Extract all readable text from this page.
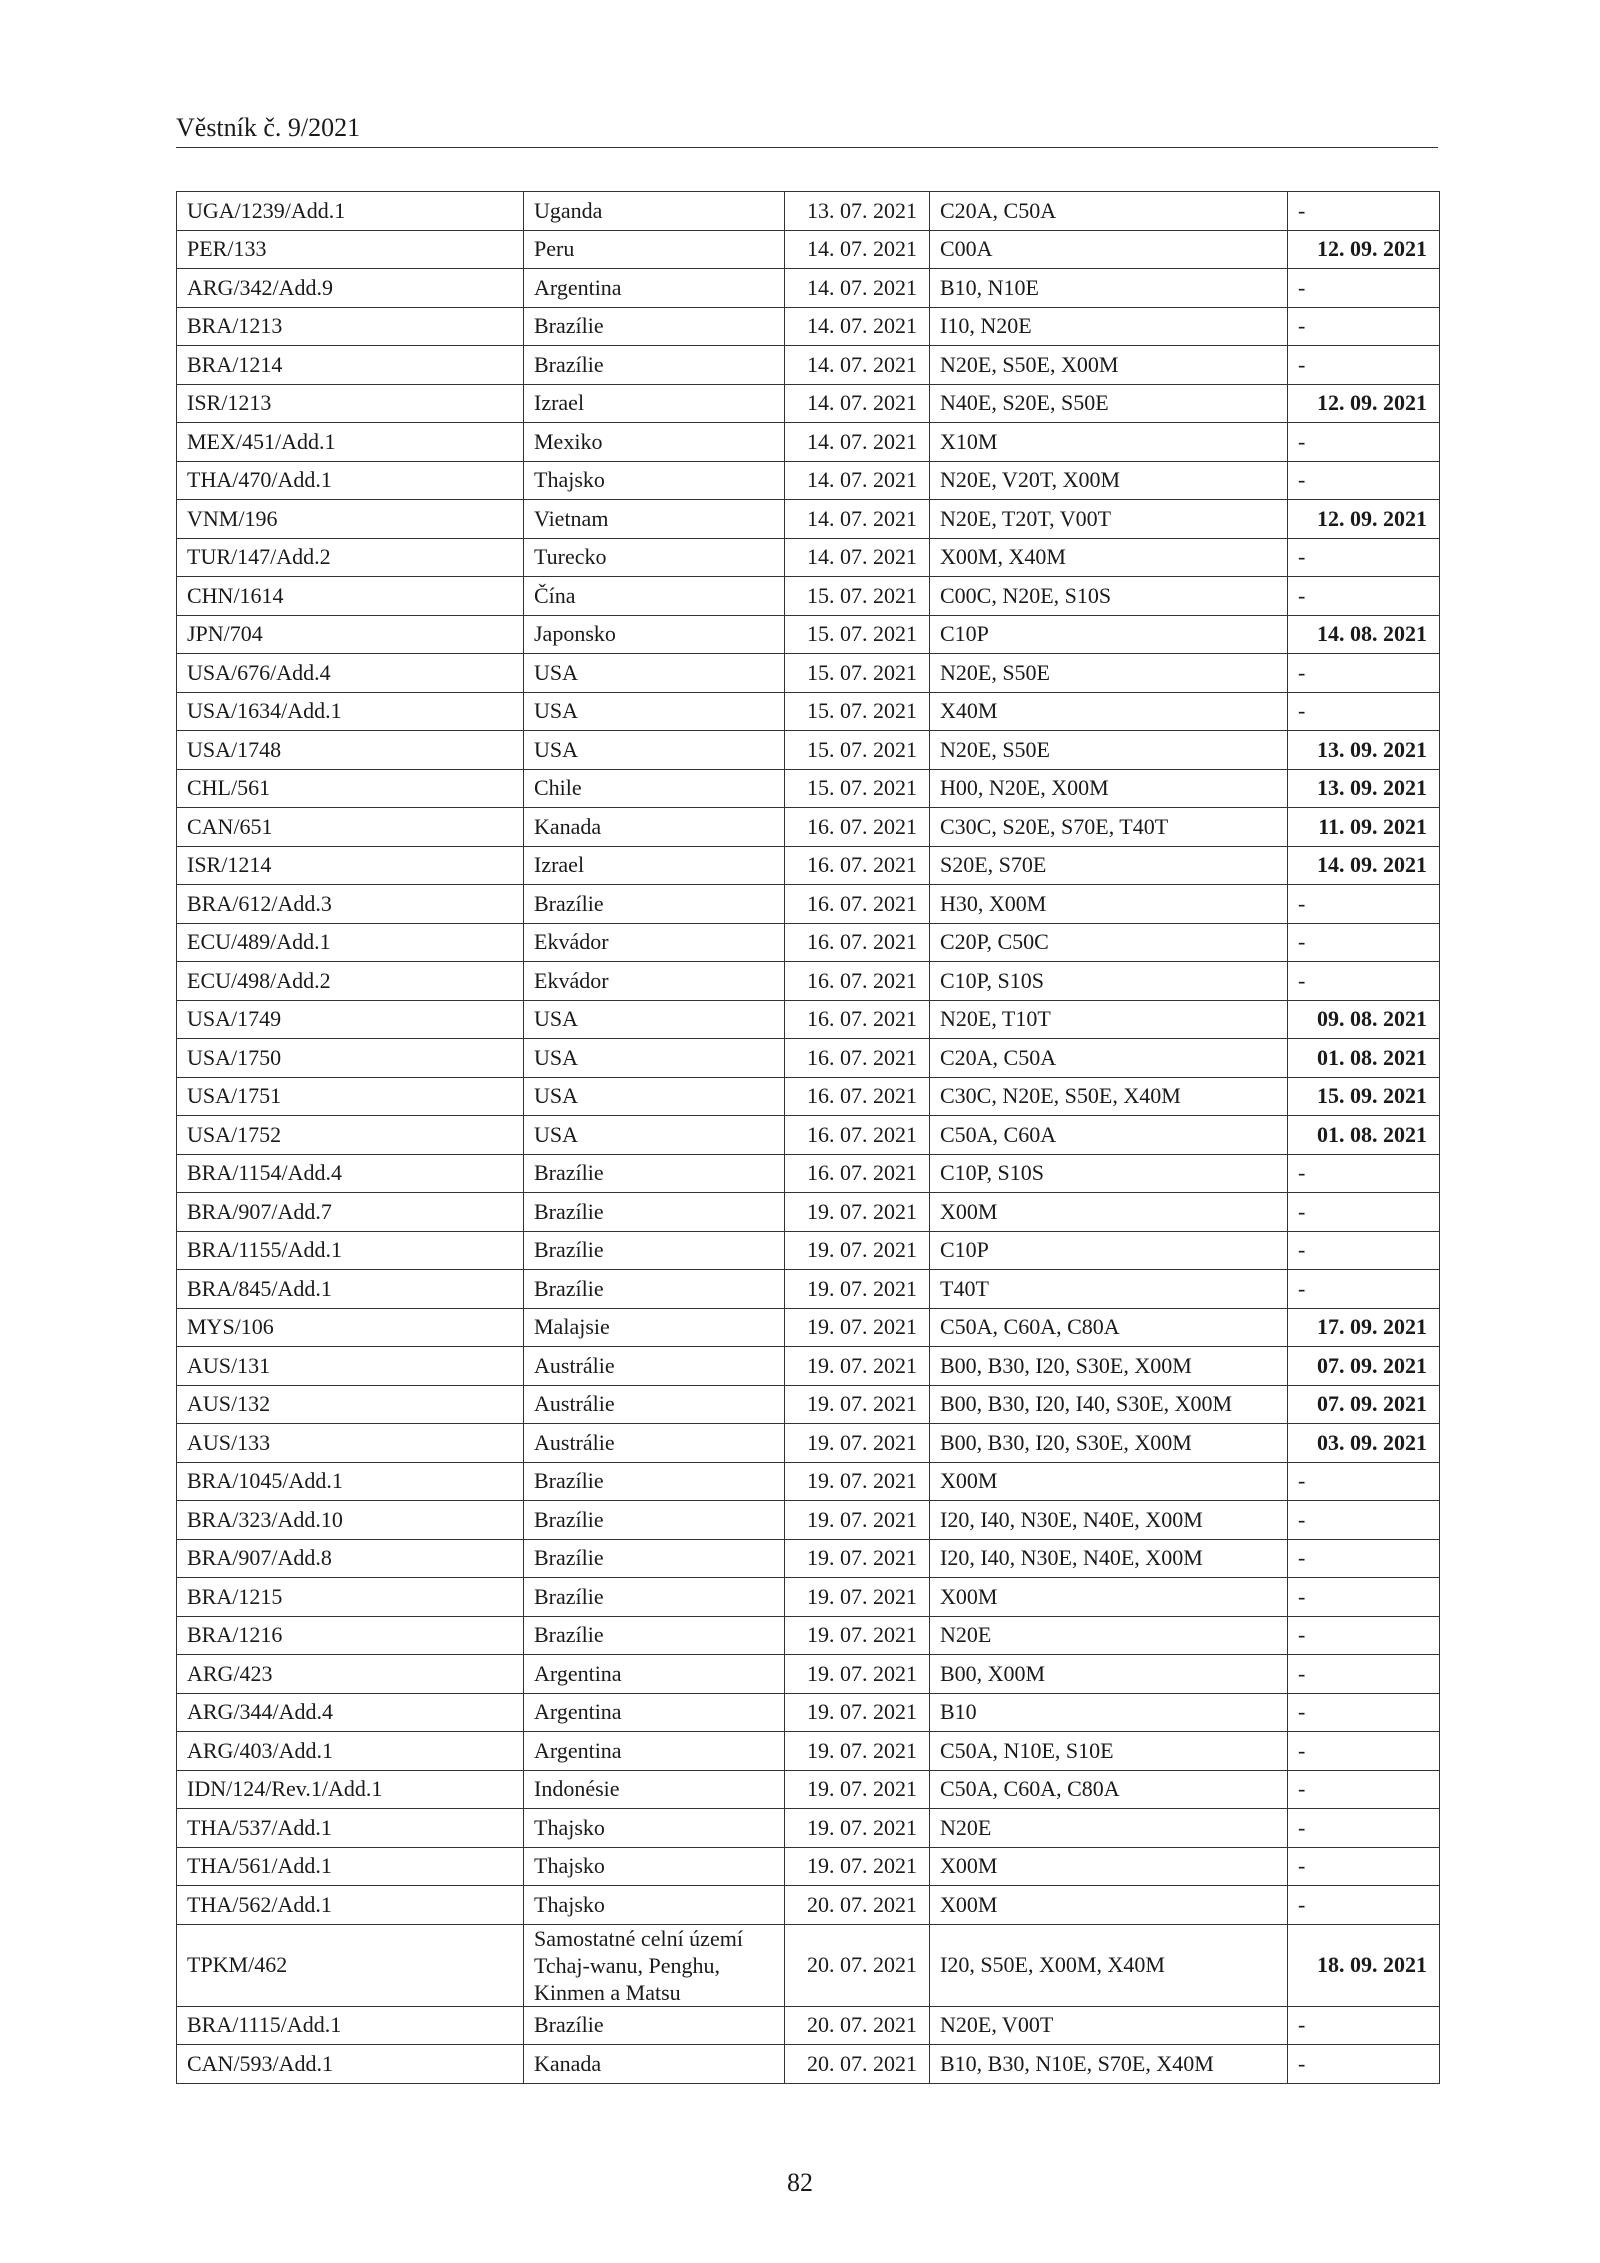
Věstník č. 9/2021
UGA/1239/Add.1	Uganda	13. 07. 2021	C20A, C50A	-
PER/133	Peru	14. 07. 2021	C00A	12. 09. 2021
ARG/342/Add.9	Argentina	14. 07. 2021	B10, N10E	-
BRA/1213	Brazílie	14. 07. 2021	I10, N20E	-
BRA/1214	Brazílie	14. 07. 2021	N20E, S50E, X00M	-
ISR/1213	Izrael	14. 07. 2021	N40E, S20E, S50E	12. 09. 2021
MEX/451/Add.1	Mexiko	14. 07. 2021	X10M	-
THA/470/Add.1	Thajsko	14. 07. 2021	N20E, V20T, X00M	-
VNM/196	Vietnam	14. 07. 2021	N20E, T20T, V00T	12. 09. 2021
TUR/147/Add.2	Turecko	14. 07. 2021	X00M, X40M	-
CHN/1614	Čína	15. 07. 2021	C00C, N20E, S10S	-
JPN/704	Japonsko	15. 07. 2021	C10P	14. 08. 2021
USA/676/Add.4	USA	15. 07. 2021	N20E, S50E	-
USA/1634/Add.1	USA	15. 07. 2021	X40M	-
USA/1748	USA	15. 07. 2021	N20E, S50E	13. 09. 2021
CHL/561	Chile	15. 07. 2021	H00, N20E, X00M	13. 09. 2021
CAN/651	Kanada	16. 07. 2021	C30C, S20E, S70E, T40T	11. 09. 2021
ISR/1214	Izrael	16. 07. 2021	S20E, S70E	14. 09. 2021
BRA/612/Add.3	Brazílie	16. 07. 2021	H30, X00M	-
ECU/489/Add.1	Ekvádor	16. 07. 2021	C20P, C50C	-
ECU/498/Add.2	Ekvádor	16. 07. 2021	C10P, S10S	-
USA/1749	USA	16. 07. 2021	N20E, T10T	09. 08. 2021
USA/1750	USA	16. 07. 2021	C20A, C50A	01. 08. 2021
USA/1751	USA	16. 07. 2021	C30C, N20E, S50E, X40M	15. 09. 2021
USA/1752	USA	16. 07. 2021	C50A, C60A	01. 08. 2021
BRA/1154/Add.4	Brazílie	16. 07. 2021	C10P, S10S	-
BRA/907/Add.7	Brazílie	19. 07. 2021	X00M	-
BRA/1155/Add.1	Brazílie	19. 07. 2021	C10P	-
BRA/845/Add.1	Brazílie	19. 07. 2021	T40T	-
MYS/106	Malajsie	19. 07. 2021	C50A, C60A, C80A	17. 09. 2021
AUS/131	Austrálie	19. 07. 2021	B00, B30, I20, S30E, X00M	07. 09. 2021
AUS/132	Austrálie	19. 07. 2021	B00, B30, I20, I40, S30E, X00M	07. 09. 2021
AUS/133	Austrálie	19. 07. 2021	B00, B30, I20, S30E, X00M	03. 09. 2021
BRA/1045/Add.1	Brazílie	19. 07. 2021	X00M	-
BRA/323/Add.10	Brazílie	19. 07. 2021	I20, I40, N30E, N40E, X00M	-
BRA/907/Add.8	Brazílie	19. 07. 2021	I20, I40, N30E, N40E, X00M	-
BRA/1215	Brazílie	19. 07. 2021	X00M	-
BRA/1216	Brazílie	19. 07. 2021	N20E	-
ARG/423	Argentina	19. 07. 2021	B00, X00M	-
ARG/344/Add.4	Argentina	19. 07. 2021	B10	-
ARG/403/Add.1	Argentina	19. 07. 2021	C50A, N10E, S10E	-
IDN/124/Rev.1/Add.1	Indonésie	19. 07. 2021	C50A, C60A, C80A	-
THA/537/Add.1	Thajsko	19. 07. 2021	N20E	-
THA/561/Add.1	Thajsko	19. 07. 2021	X00M	-
THA/562/Add.1	Thajsko	20. 07. 2021	X00M	-
TPKM/462	Samostatné celní území Tchaj-wanu, Penghu, Kinmen a Matsu	20. 07. 2021	I20, S50E, X00M, X40M	18. 09. 2021
BRA/1115/Add.1	Brazílie	20. 07. 2021	N20E, V00T	-
CAN/593/Add.1	Kanada	20. 07. 2021	B10, B30, N10E, S70E, X40M	-
82
